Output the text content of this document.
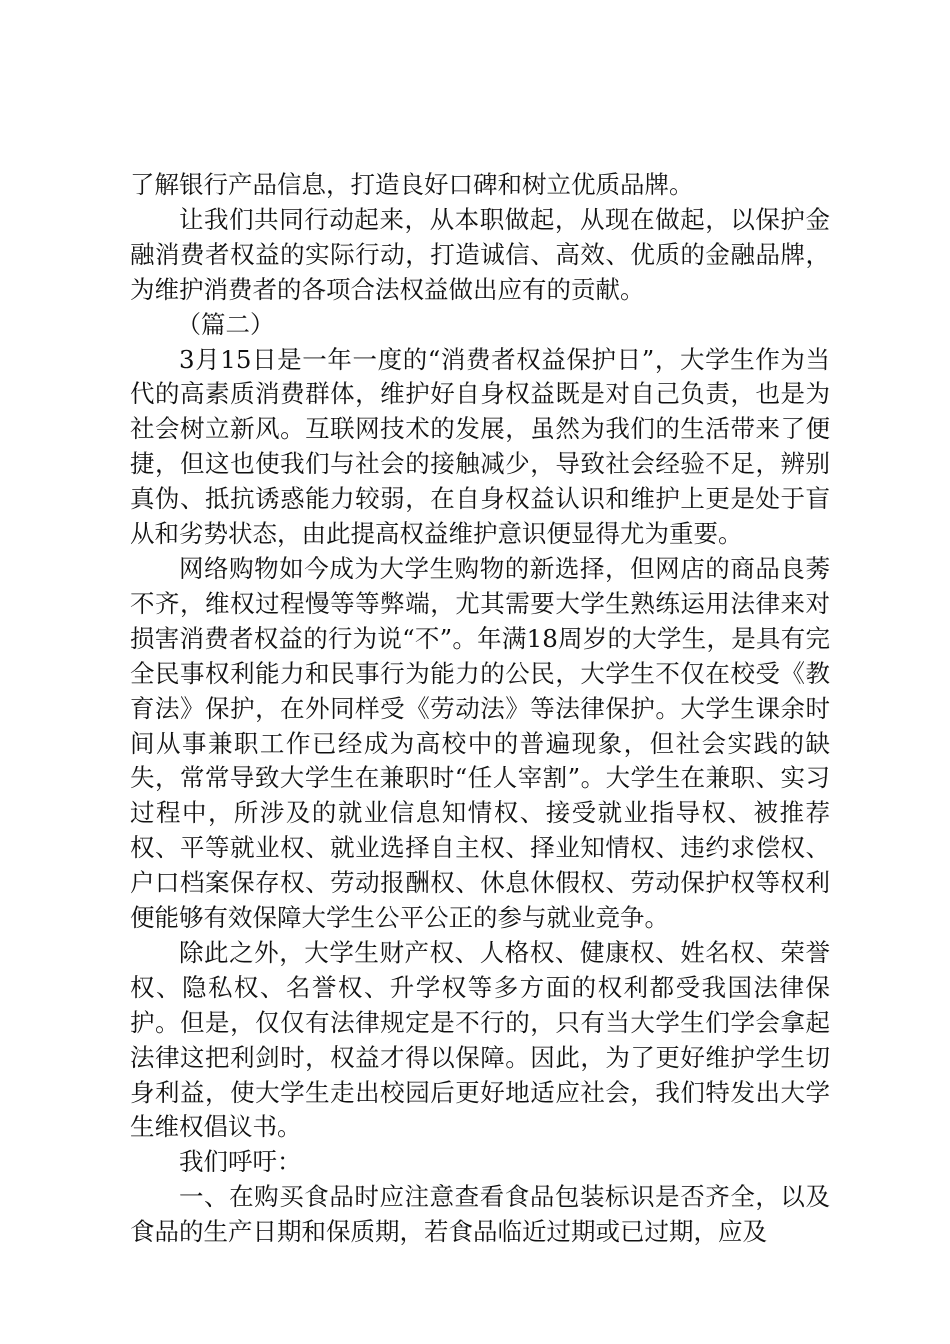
了解银行产品信息，打造良好口碑和树立优质品牌。

让我们共同行动起来，从本职做起，从现在做起，以保护金融消费者权益的实际行动，打造诚信、高效、优质的金融品牌，为维护消费者的各项合法权益做出应有的贡献。

（篇二）

3月15日是一年一度的“消费者权益保护日”，大学生作为当代的高素质消费群体，维护好自身权益既是对自己负责，也是为社会树立新风。互联网技术的发展，虽然为我们的生活带来了便捷，但这也使我们与社会的接触减少，导致社会经验不足，辨别真伪、抵抗诱惑能力较弱，在自身权益认识和维护上更是处于盲从和劣势状态，由此提高权益维护意识便显得尤为重要。

网络购物如今成为大学生购物的新选择，但网店的商品良莠不齐，维权过程慢等等弊端，尤其需要大学生熟练运用法律来对损害消费者权益的行为说“不”。年满18周岁的大学生，是具有完全民事权利能力和民事行为能力的公民，大学生不仅在校受《教育法》保护，在外同样受《劳动法》等法律保护。大学生课余时间从事兼职工作已经成为高校中的普遍现象，但社会实践的缺失，常常导致大学生在兼职时“任人宰割”。大学生在兼职、实习过程中，所涉及的就业信息知情权、接受就业指导权、被推荐权、平等就业权、就业选择自主权、择业知情权、违约求偿权、户口档案保存权、劳动报酬权、休息休假权、劳动保护权等权利便能够有效保障大学生公平公正的参与就业竞争。

除此之外，大学生财产权、人格权、健康权、姓名权、荣誉权、隐私权、名誉权、升学权等多方面的权利都受我国法律保护。但是，仅仅有法律规定是不行的，只有当大学生们学会拿起法律这把利剑时，权益才得以保障。因此，为了更好维护学生切身利益，使大学生走出校园后更好地适应社会，我们特发出大学生维权倡议书。

我们呼吁：

一、在购买食品时应注意查看食品包装标识是否齐全，以及食品的生产日期和保质期，若食品临近过期或已过期，应及
